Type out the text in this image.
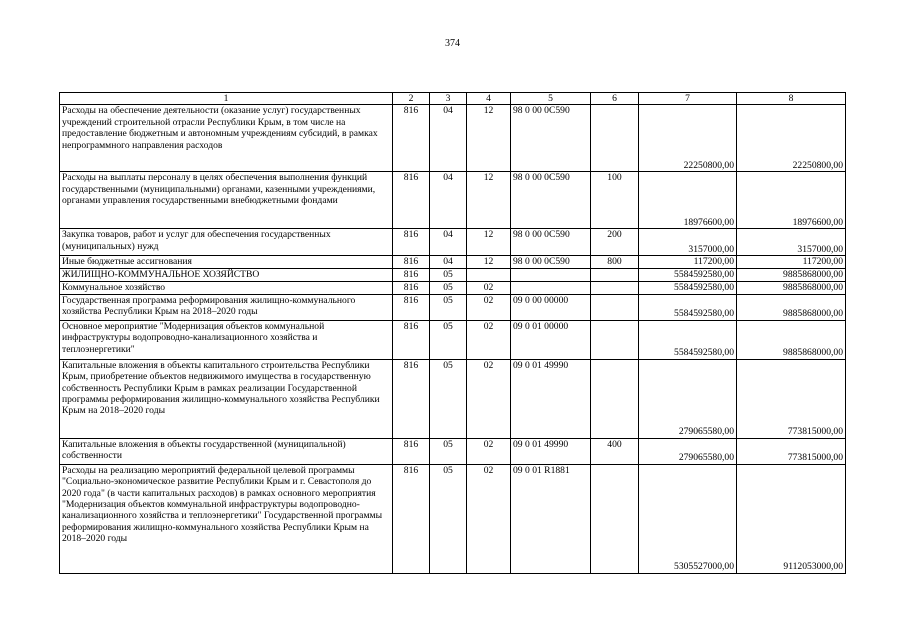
374
1	2	3	4	5	6	7	8
Расходы на обеспечение деятельности (оказание услуг) государственных учреждений строительной отрасли Республики Крым, в том числе на предоставление бюджетным и автономным учреждениям субсидий, в рамках непрограммного направления расходов	816	04	12	98 0 00 0С590		22250800,00	22250800,00
Расходы на выплаты персоналу в целях обеспечения выполнения функций государственными (муниципальными) органами, казенными учреждениями, органами управления государственными внебюджетными фондами	816	04	12	98 0 00 0С590	100	18976600,00	18976600,00
Закупка товаров, работ и услуг для обеспечения государственных (муниципальных) нужд	816	04	12	98 0 00 0С590	200	3157000,00	3157000,00
Иные бюджетные ассигнования	816	04	12	98 0 00 0С590	800	117200,00	117200,00
ЖИЛИЩНО-КОММУНАЛЬНОЕ ХОЗЯЙСТВО	816	05				5584592580,00	9885868000,00
Коммунальное хозяйство	816	05	02			5584592580,00	9885868000,00
Государственная программа реформирования жилищно-коммунального хозяйства Республики Крым на 2018–2020 годы	816	05	02	09 0 00 00000		5584592580,00	9885868000,00
Основное мероприятие "Модернизация объектов коммунальной инфраструктуры водопроводно-канализационного хозяйства и теплоэнергетики"	816	05	02	09 0 01 00000		5584592580,00	9885868000,00
Капитальные вложения в объекты капитального строительства Республики Крым, приобретение объектов недвижимого имущества в государственную собственность Республики Крым в рамках реализации Государственной программы реформирования жилищно-коммунального хозяйства Республики Крым на 2018–2020 годы	816	05	02	09 0 01 49990		279065580,00	773815000,00
Капитальные вложения в объекты государственной (муниципальной) собственности	816	05	02	09 0 01 49990	400	279065580,00	773815000,00
Расходы на реализацию мероприятий федеральной целевой программы "Социально-экономическое развитие Республики Крым и г. Севастополя до 2020 года" (в части капитальных расходов) в рамках основного мероприятия "Модернизация объектов коммунальной инфраструктуры водопроводно-канализационного хозяйства и теплоэнергетики" Государственной программы реформирования жилищно-коммунального хозяйства Республики Крым на 2018–2020 годы	816	05	02	09 0 01 R1881		5305527000,00	9112053000,00
